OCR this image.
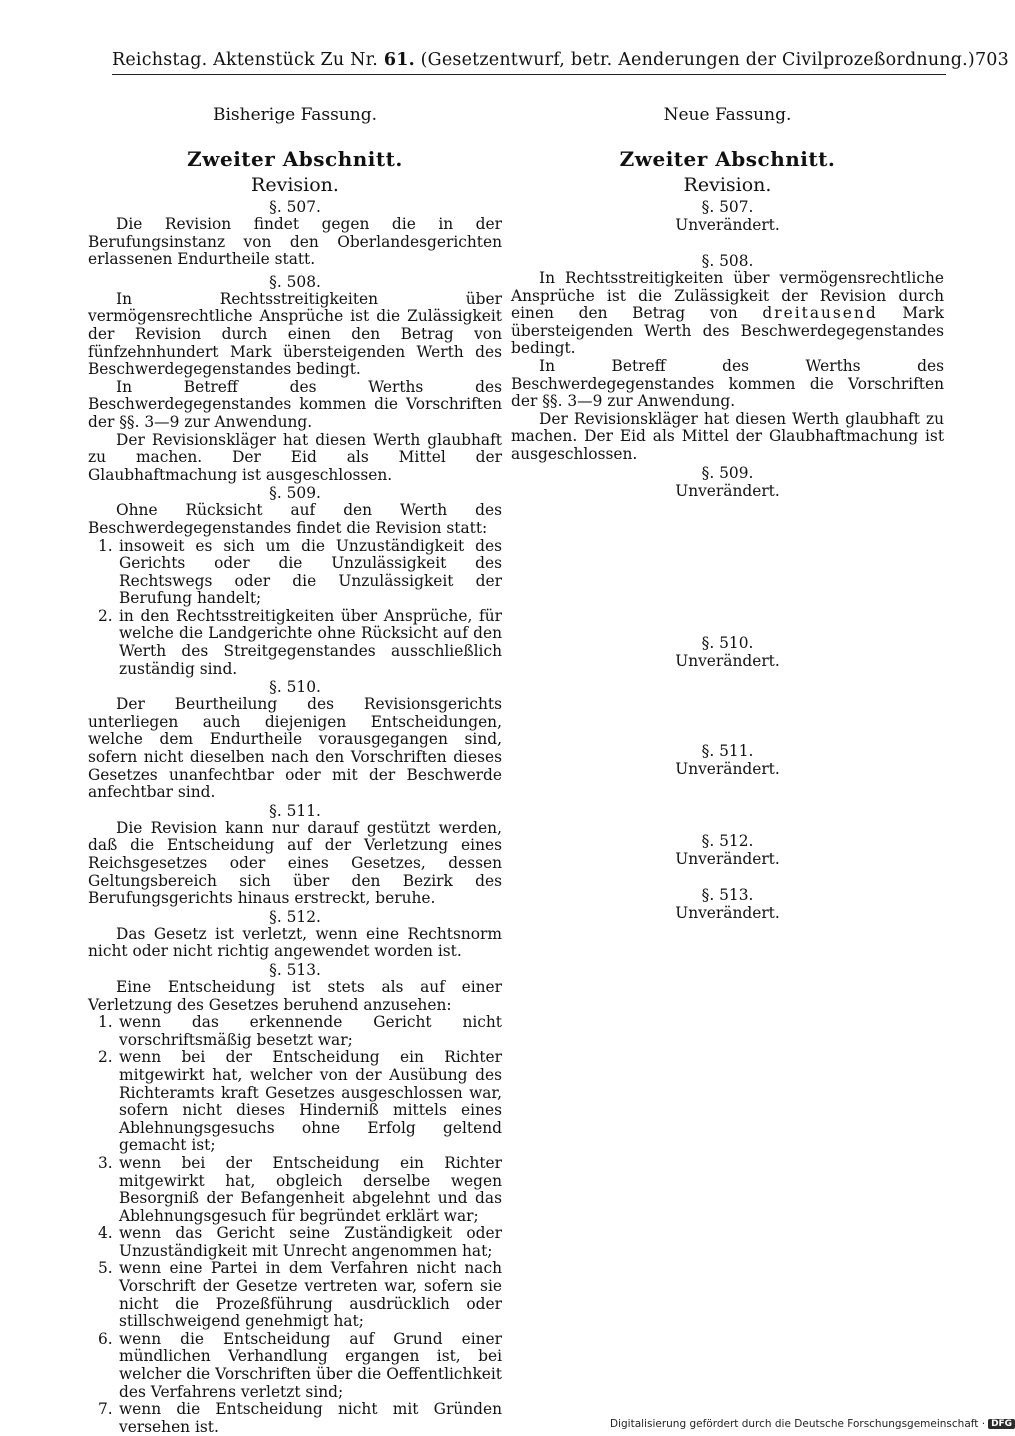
Reichstag. Aktenstück Zu Nr. 61. (Gesetzentwurf, betr. Aenderungen der Civilprozeßordnung.) 703
Bisherige Fassung.
Zweiter Abschnitt.
Revision.
§. 507.
Die Revision findet gegen die in der Berufungsinstanz von den Oberlandesgerichten erlassenen Endurtheile statt.
§. 508.
In Rechtsstreitigkeiten über vermögensrechtliche Ansprüche ist die Zulässigkeit der Revision durch einen den Betrag von fünfzehnhundert Mark übersteigenden Werth des Beschwerdegegenstandes bedingt.
In Betreff des Werths des Beschwerdegegenstandes kommen die Vorschriften der §§. 3—9 zur Anwendung.
Der Revisionskläger hat diesen Werth glaubhaft zu machen. Der Eid als Mittel der Glaubhaftmachung ist ausgeschlossen.
§. 509.
Ohne Rücksicht auf den Werth des Beschwerdegegenstandes findet die Revision statt:
1. insoweit es sich um die Unzuständigkeit des Gerichts oder die Unzulässigkeit des Rechtswegs oder die Unzulässigkeit der Berufung handelt;
2. in den Rechtsstreitigkeiten über Ansprüche, für welche die Landgerichte ohne Rücksicht auf den Werth des Streitgegenstandes ausschließlich zuständig sind.
§. 510.
Der Beurtheilung des Revisionsgerichts unterliegen auch diejenigen Entscheidungen, welche dem Endurtheile vorausgegangen sind, sofern nicht dieselben nach den Vorschriften dieses Gesetzes unanfechtbar oder mit der Beschwerde anfechtbar sind.
§. 511.
Die Revision kann nur darauf gestützt werden, daß die Entscheidung auf der Verletzung eines Reichsgesetzes oder eines Gesetzes, dessen Geltungsbereich sich über den Bezirk des Berufungsgerichts hinaus erstreckt, beruhe.
§. 512.
Das Gesetz ist verletzt, wenn eine Rechtsnorm nicht oder nicht richtig angewendet worden ist.
§. 513.
Eine Entscheidung ist stets als auf einer Verletzung des Gesetzes beruhend anzusehen:
1. wenn das erkennende Gericht nicht vorschriftsmäßig besetzt war;
2. wenn bei der Entscheidung ein Richter mitgewirkt hat, welcher von der Ausübung des Richteramts kraft Gesetzes ausgeschlossen war, sofern nicht dieses Hinderniß mittels eines Ablehnungsgesuchs ohne Erfolg geltend gemacht ist;
3. wenn bei der Entscheidung ein Richter mitgewirkt hat, obgleich derselbe wegen Besorgniß der Befangenheit abgelehnt und das Ablehnungsgesuch für begründet erklärt war;
4. wenn das Gericht seine Zuständigkeit oder Unzuständigkeit mit Unrecht angenommen hat;
5. wenn eine Partei in dem Verfahren nicht nach Vorschrift der Gesetze vertreten war, sofern sie nicht die Prozeßführung ausdrücklich oder stillschweigend genehmigt hat;
6. wenn die Entscheidung auf Grund einer mündlichen Verhandlung ergangen ist, bei welcher die Vorschriften über die Oeffentlichkeit des Verfahrens verletzt sind;
7. wenn die Entscheidung nicht mit Gründen versehen ist.
Neue Fassung.
Zweiter Abschnitt.
Revision.
§. 507.
Unverändert.
§. 508.
In Rechtsstreitigkeiten über vermögensrechtliche Ansprüche ist die Zulässigkeit der Revision durch einen den Betrag von dreitausend Mark übersteigenden Werth des Beschwerdegegenstandes bedingt.
In Betreff des Werths des Beschwerdegegenstandes kommen die Vorschriften der §§. 3—9 zur Anwendung.
Der Revisionskläger hat diesen Werth glaubhaft zu machen. Der Eid als Mittel der Glaubhaftmachung ist ausgeschlossen.
§. 509.
Unverändert.
§. 510.
Unverändert.
§. 511.
Unverändert.
§. 512.
Unverändert.
§. 513.
Unverändert.
Digitalisierung gefördert durch die Deutsche Forschungsgemeinschaft · DFG
